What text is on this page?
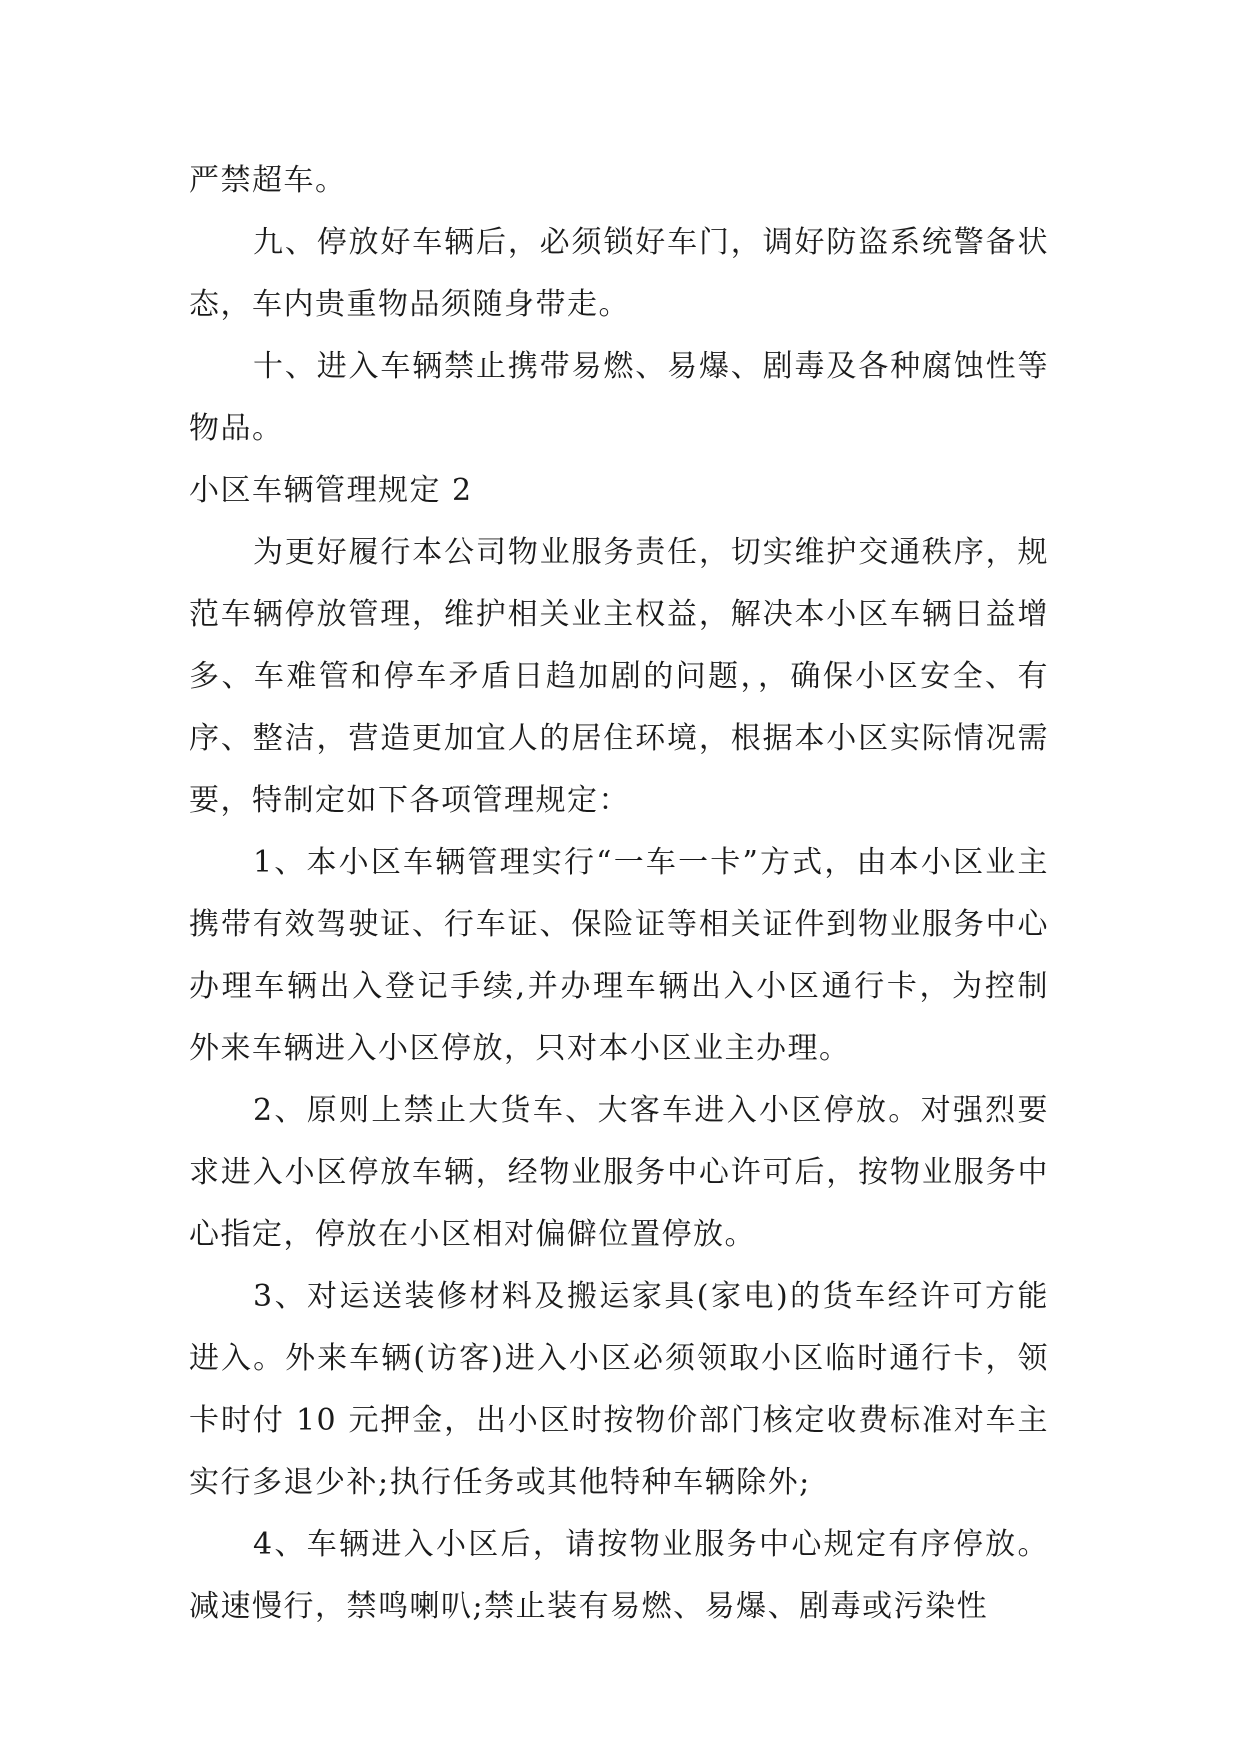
严禁超车。

九、停放好车辆后，必须锁好车门，调好防盗系统警备状态，车内贵重物品须随身带走。

十、进入车辆禁止携带易燃、易爆、剧毒及各种腐蚀性等物品。

小区车辆管理规定 2

为更好履行本公司物业服务责任，切实维护交通秩序，规范车辆停放管理，维护相关业主权益，解决本小区车辆日益增多、车难管和停车矛盾日趋加剧的问题，，确保小区安全、有序、整洁，营造更加宜人的居住环境，根据本小区实际情况需要，特制定如下各项管理规定：

1、本小区车辆管理实行“一车一卡”方式，由本小区业主携带有效驾驶证、行车证、保险证等相关证件到物业服务中心办理车辆出入登记手续,并办理车辆出入小区通行卡，为控制外来车辆进入小区停放，只对本小区业主办理。

2、原则上禁止大货车、大客车进入小区停放。对强烈要求进入小区停放车辆，经物业服务中心许可后，按物业服务中心指定，停放在小区相对偏僻位置停放。

3、对运送装修材料及搬运家具(家电)的货车经许可方能进入。外来车辆(访客)进入小区必须领取小区临时通行卡，领卡时付 10 元押金，出小区时按物价部门核定收费标准对车主实行多退少补;执行任务或其他特种车辆除外;

4、车辆进入小区后，请按物业服务中心规定有序停放。减速慢行，禁鸣喇叭;禁止装有易燃、易爆、剧毒或污染性
